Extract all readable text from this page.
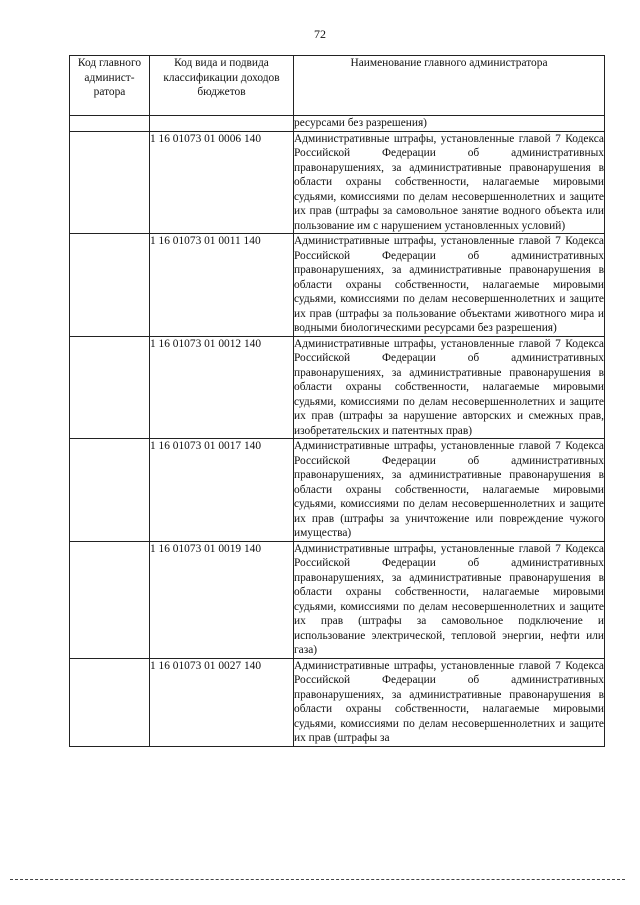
72
Код главного админист-ратора	Код вида и подвида классификации доходов бюджетов	Наименование главного администратора
		ресурсами без разрешения)
	1 16 01073 01 0006 140	Административные штрафы, установленные главой 7 Кодекса Российской Федерации об административных правонарушениях, за административные правонарушения в области охраны собственности, налагаемые мировыми судьями, комиссиями по делам несовершеннолетних и защите их прав (штрафы за самовольное занятие водного объекта или пользование им с нарушением установленных условий)
	1 16 01073 01 0011 140	Административные штрафы, установленные главой 7 Кодекса Российской Федерации об административных правонарушениях, за административные правонарушения в области охраны собственности, налагаемые мировыми судьями, комиссиями по делам несовершеннолетних и защите их прав (штрафы за пользование объектами животного мира и водными биологическими ресурсами без разрешения)
	1 16 01073 01 0012 140	Административные штрафы, установленные главой 7 Кодекса Российской Федерации об административных правонарушениях, за административные правонарушения в области охраны собственности, налагаемые мировыми судьями, комиссиями по делам несовершеннолетних и защите их прав (штрафы за нарушение авторских и смежных прав, изобретательских и патентных прав)
	1 16 01073 01 0017 140	Административные штрафы, установленные главой 7 Кодекса Российской Федерации об административных правонарушениях, за административные правонарушения в области охраны собственности, налагаемые мировыми судьями, комиссиями по делам несовершеннолетних и защите их прав (штрафы за уничтожение или повреждение чужого имущества)
	1 16 01073 01 0019 140	Административные штрафы, установленные главой 7 Кодекса Российской Федерации об административных правонарушениях, за административные правонарушения в области охраны собственности, налагаемые мировыми судьями, комиссиями по делам несовершеннолетних и защите их прав (штрафы за самовольное подключение и использование электрической, тепловой энергии, нефти или газа)
	1 16 01073 01 0027 140	Административные штрафы, установленные главой 7 Кодекса Российской Федерации об административных правонарушениях, за административные правонарушения в области охраны собственности, налагаемые мировыми судьями, комиссиями по делам несовершеннолетних и защите их прав (штрафы за
